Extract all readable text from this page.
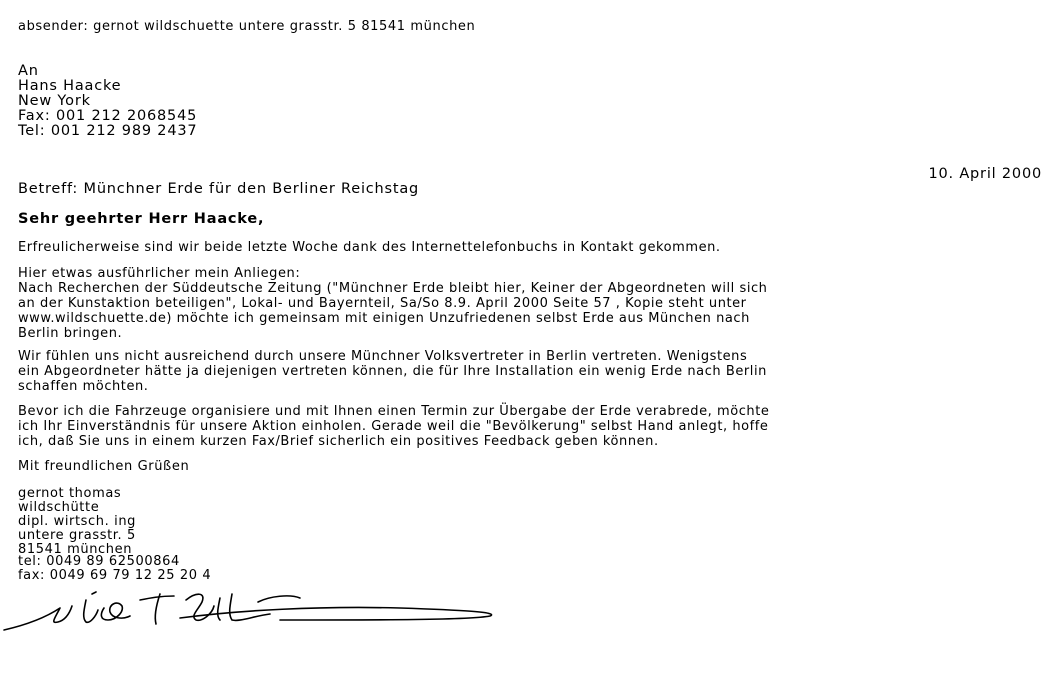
absender: gernot wildschuette untere grasstr. 5 81541 münchen
An
Hans Haacke
New York
Fax: 001 212 2068545
Tel: 001 212 989 2437
10. April 2000
Betreff: Münchner Erde für den Berliner Reichstag
Sehr geehrter Herr Haacke,
Erfreulicherweise sind wir beide letzte Woche dank des Internettelefonbuchs in Kontakt gekommen.
Hier etwas ausführlicher mein Anliegen:
Nach Recherchen der Süddeutsche Zeitung ("Münchner Erde bleibt hier, Keiner der Abgeordneten will sich
an der Kunstaktion beteiligen", Lokal- und Bayernteil, Sa/So 8.9. April 2000 Seite 57 , Kopie steht unter
www.wildschuette.de) möchte ich gemeinsam mit einigen Unzufriedenen selbst Erde aus München nach
Berlin bringen.
Wir fühlen uns nicht ausreichend durch unsere Münchner Volksvertreter in Berlin vertreten. Wenigstens
ein Abgeordneter hätte ja diejenigen vertreten können, die für Ihre Installation ein wenig Erde nach Berlin
schaffen möchten.
Bevor ich die Fahrzeuge organisiere und mit Ihnen einen Termin zur Übergabe der Erde verabrede, möchte
ich Ihr Einverständnis für unsere Aktion einholen. Gerade weil die "Bevölkerung" selbst Hand anlegt, hoffe
ich, daß Sie uns in einem kurzen Fax/Brief sicherlich ein positives Feedback geben können.
Mit freundlichen Grüßen
gernot thomas
wildschütte
dipl. wirtsch. ing
untere grasstr. 5
81541 münchen
tel: 0049 89 62500864
fax: 0049 69 79 12 25 20 4
